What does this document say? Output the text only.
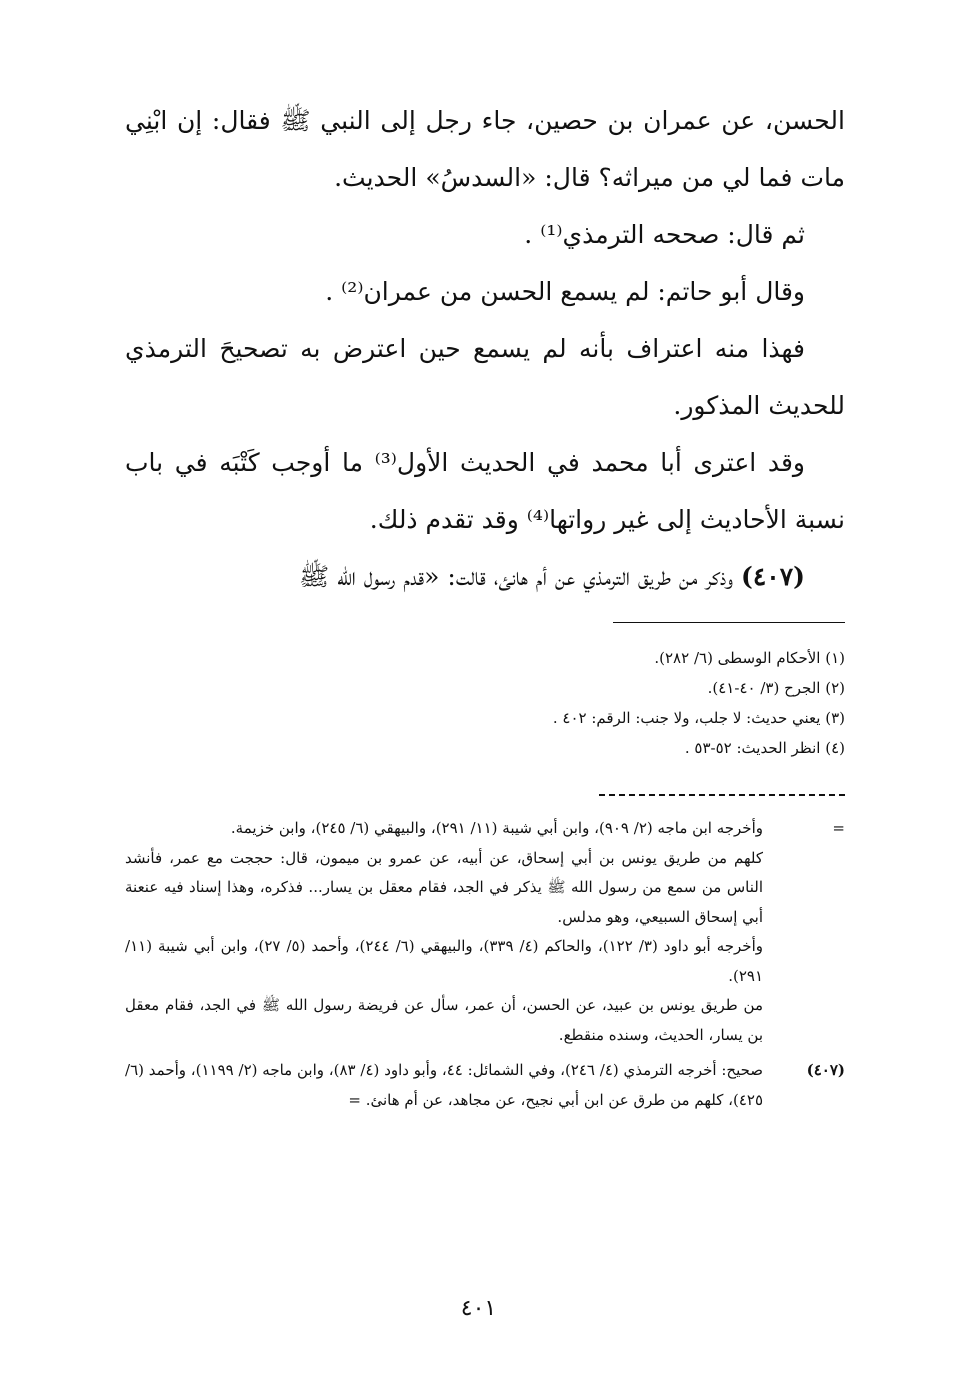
الحسن، عن عمران بن حصين، جاء رجل إلى النبي ﷺ فقال: إن ابْنِي مات فما لي من ميراثه؟ قال: «السدسُ» الحديث.

ثم قال: صححه الترمذي⁽¹⁾ .

وقال أبو حاتم: لم يسمع الحسن من عمران⁽²⁾ .

فهذا منه اعتراف بأنه لم يسمع حين اعترض به تصحيحَ الترمذي للحديث المذكور.

وقد اعترى أبا محمد في الحديث الأول⁽³⁾ ما أوجب كَتْبَه في باب نسبة الأحاديث إلى غير رواتها⁽⁴⁾ وقد تقدم ذلك.

(٤٠٧) وذكر من طريق الترمذي عن أم هانئ، قالت: «قدم رسول الله ﷺ

(١) الأحكام الوسطى (٦/ ٢٨٢).

(٢) الجرح (٣/ ٤٠-٤١).

(٣) يعني حديث: لا جلب، ولا جنب: الرقم: ٤٠٢ .

(٤) انظر الحديث: ٥٢-٥٣ .

=

وأخرجه ابن ماجه (٢/ ٩٠٩)، وابن أبي شيبة (١١/ ٢٩١)، والبيهقي (٦/ ٢٤٥)، وابن خزيمة.

كلهم من طريق يونس بن أبي إسحاق، عن أبيه، عن عمرو بن ميمون، قال: حججت مع عمر، فأنشد الناس من سمع من رسول الله ﷺ يذكر في الجد، فقام معقل بن يسار... فذكره، وهذا إسناد فيه عنعنة أبي إسحاق السبيعي، وهو مدلس.

وأخرجه أبو داود (٣/ ١٢٢)، والحاكم (٤/ ٣٣٩)، والبيهقي (٦/ ٢٤٤)، وأحمد (٥/ ٢٧)، وابن أبي شيبة (١١/ ٢٩١).

من طريق يونس بن عبيد، عن الحسن، أن عمر، سأل عن فريضة رسول الله ﷺ في الجد، فقام معقل بن يسار، الحديث، وسنده منقطع.

(٤٠٧)

صحيح: أخرجه الترمذي (٤/ ٢٤٦)، وفي الشمائل: ٤٤، وأبو داود (٤/ ٨٣)، وابن ماجه (٢/ ١١٩٩)، وأحمد (٦/ ٤٢٥)، كلهم من طرق عن ابن أبي نجيح، عن مجاهد، عن أم هانئ. =

٤٠١
